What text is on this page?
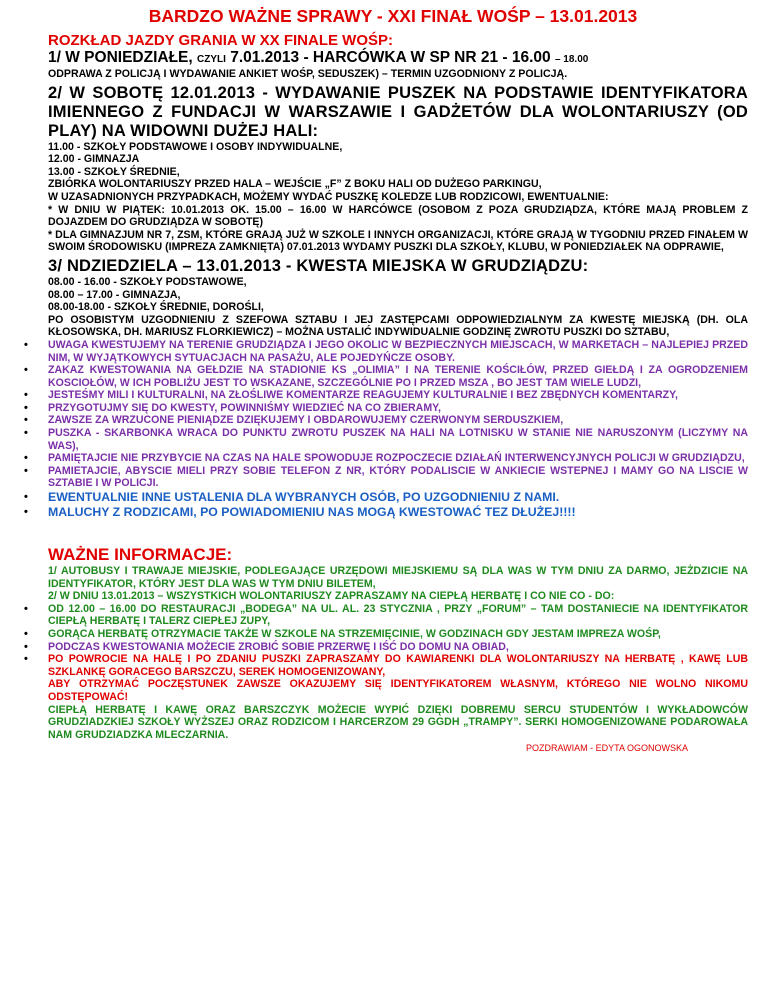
BARDZO WAŻNE SPRAWY - XXI FINAŁ WOŚP – 13.01.2013
ROZKŁAD JAZDY GRANIA W XX FINALE WOŚP:
1/ W PONIEDZIAŁE, CZYLI 7.01.2013 - HARCÓWKA W SP NR 21 - 16.00 – 18.00
ODPRAWA Z POLICJĄ I WYDAWANIE ANKIET WOŚP, SEDUSZEK) – TERMIN UZGODNIONY Z POLICJĄ.
2/ W SOBOTĘ 12.01.2013 - WYDAWANIE PUSZEK NA PODSTAWIE IDENTYFIKATORA IMIENNEGO Z FUNDACJI W WARSZAWIE I GADŻETÓW DLA WOLONTARIUSZY (OD PLAY) NA WIDOWNI DUŻEJ HALI:
11.00 - SZKOŁY PODSTAWOWE I OSOBY INDYWIDUALNE,
12.00 - GIMNAZJA
13.00 - SZKOŁY ŚREDNIE,
ZBIÓRKA WOLONTARIUSZY PRZED HALA – WEJŚCIE „F” Z BOKU HALI OD DUŻEGO PARKINGU,
W UZASADNIONYCH PRZYPADKACH, MOŻEMY WYDAĆ PUSZKĘ KOLEDZE LUB RODZICOWI, EWENTUALNIE:
* W DNIU W PIĄTEK: 10.01.2013 OK. 15.00 – 16.00 W HARCÓWCE (OSOBOM Z POZA GRUDZIĄDZA, KTÓRE MAJĄ PROBLEM Z DOJAZDEM DO GRUDZIĄDZA W SOBOTĘ)
* DLA GIMNAZJUM NR 7, ZSM, KTÓRE GRAJĄ JUŻ W SZKOLE I INNYCH ORGANIZACJI, KTÓRE GRAJĄ W TYGODNIU PRZED FINAŁEM W SWOIM ŚRODOWISKU (IMPREZA ZAMKNIĘTA) 07.01.2013 WYDAMY PUSZKI DLA SZKOŁY, KLUBU, W PONIEDZIAŁEK NA ODPRAWIE,
3/ NDZIEDZIELA – 13.01.2013 - KWESTA MIEJSKA W GRUDZIĄDZU:
08.00 - 16.00 - SZKOŁY PODSTAWOWE,
08.00 – 17.00 - GIMNAZJA,
08.00-18.00 - SZKOŁY ŚREDNIE, DOROŚLI,
PO OSOBISTYM UZGODNIENIU Z SZEFOWA SZTABU I JEJ ZASTĘPCAMI ODPOWIEDZIALNYM ZA KWESTĘ MIEJSKĄ (DH. OLA KŁOSOWSKA, DH. MARIUSZ FLORKIEWICZ) – MOŻNA USTALIĆ INDYWIDUALNIE GODZINĘ ZWROTU PUSZKI DO SZTABU,
• UWAGA KWESTUJEMY NA TERENIE GRUDZIĄDZA I JEGO OKOLIC W BEZPIECZNYCH MIEJSCACH, W MARKETACH – NAJLEPIEJ PRZED NIM, W WYJĄTKOWYCH SYTUACJACH NA PASAŻU, ALE POJEDYŃCZE OSOBY.
• ZAKAZ KWESTOWANIA NA GEŁDZIE NA STADIONIE KS „OLIMIA” I NA TERENIE KOŚCIŁÓW, PRZED GIEŁDĄ I ZA OGRODZENIEM KOSCIOŁÓW, W ICH POBLIŻU JEST TO WSKAZANE, SZCZEGÓLNIE PO I PRZED MSZA , BO JEST TAM WIELE LUDZI,
• JESTEŚMY MILI I KULTURALNI, NA ZŁOŚLIWE KOMENTARZE REAGUJEMY KULTURALNIE I BEZ ZBĘDNYCH KOMENTARZY,
• PRZYGOTUJMY SIĘ DO KWESTY, POWINNIŚMY WIEDZIEĆ NA CO ZBIERAMY,
• ZAWSZE ZA WRZUCONE PIENIĄDZE DZIĘKUJEMY I OBDAROWUJEMY CZERWONYM SERDUSZKIEM,
• PUSZKA - SKARBONKA WRACA DO PUNKTU ZWROTU PUSZEK NA HALI NA LOTNISKU W STANIE NIE NARUSZONYM (LICZYMY NA WAS),
• PAMIĘTAJCIE NIE PRZYBYCIE NA CZAS NA HALE SPOWODUJE ROZPOCZECIE DZIAŁAŃ INTERWENCYJNYCH POLICJI W GRUDZIĄDZU,
• PAMIETAJCIE, ABYSCIE MIELI PRZY SOBIE TELEFON Z NR, KTÓRY PODALISCIE W ANKIECIE WSTEPNEJ I MAMY GO NA LISCIE W SZTABIE I W POLICJI.
• EWENTUALNIE INNE USTALENIA DLA WYBRANYCH OSÓB, PO UZGODNIENIU Z NAMI.
• MALUCHY Z RODZICAMI, PO POWIADOMIENIU NAS MOGĄ KWESTOWAĆ TEZ DŁUŻEJ!!!!
WAŻNE INFORMACJE:
1/ AUTOBUSY I TRAWAJE MIEJSKIE, PODLEGAJĄCE URZĘDOWI MIEJSKIEMU SĄ DLA WAS W TYM DNIU ZA DARMO, JEŻDZICIE NA IDENTYFIKATOR, KTÓRY JEST DLA WAS W TYM DNIU BILETEM,
2/ W DNIU 13.01.2013 – WSZYSTKICH WOLONTARIUSZY ZAPRASZAMY NA CIEPŁĄ HERBATĘ I CO NIE CO - DO:
• OD 12.00 – 16.00 DO RESTAURACJI „BODEGA” NA UL. AL. 23 STYCZNIA , PRZY „FORUM” – TAM DOSTANIECIE NA IDENTYFIKATOR CIEPŁĄ HERBATĘ I TALERZ CIEPŁEJ ZUPY,
• GORĄCA HERBATĘ OTRZYMACIE TAKŻE W SZKOLE NA STRZEMIĘCINIE, W GODZINACH GDY JESTAM IMPREZA WOŚP,
• PODCZAS KWESTOWANIA MOŻECIE ZROBIĆ SOBIE PRZERWĘ I IŚĆ DO DOMU NA OBIAD,
• PO POWROCIE NA HALĘ I PO ZDANIU PUSZKI ZAPRASZAMY DO KAWIARENKI DLA WOLONTARIUSZY NA HERBATĘ , KAWĘ LUB SZKLANKĘ GORACEGO BARSZCZU, SEREK HOMOGENIZOWANY,
ABY OTRZYMAĆ POCZĘSTUNEK ZAWSZE OKAZUJEMY SIĘ IDENTYFIKATOREM WŁASNYM, KTÓREGO NIE WOLNO NIKOMU ODSTĘPOWAĆ!
CIEPŁĄ HERBATĘ I KAWĘ ORAZ BARSZCZYK MOŻECIE WYPIĆ DZIĘKI DOBREMU SERCU STUDENTÓW I WYKŁADOWCÓW GRUDZIADZKIEJ SZKOŁY WYŻSZEJ ORAZ RODZICOM I HARCERZOM 29 GGDH „TRAMPY”. SERKI HOMOGENIZOWANE PODAROWAŁA NAM GRUDZIADZKA MLECZARNIA.
POZDRAWIAM - EDYTA OGONOWSKA
